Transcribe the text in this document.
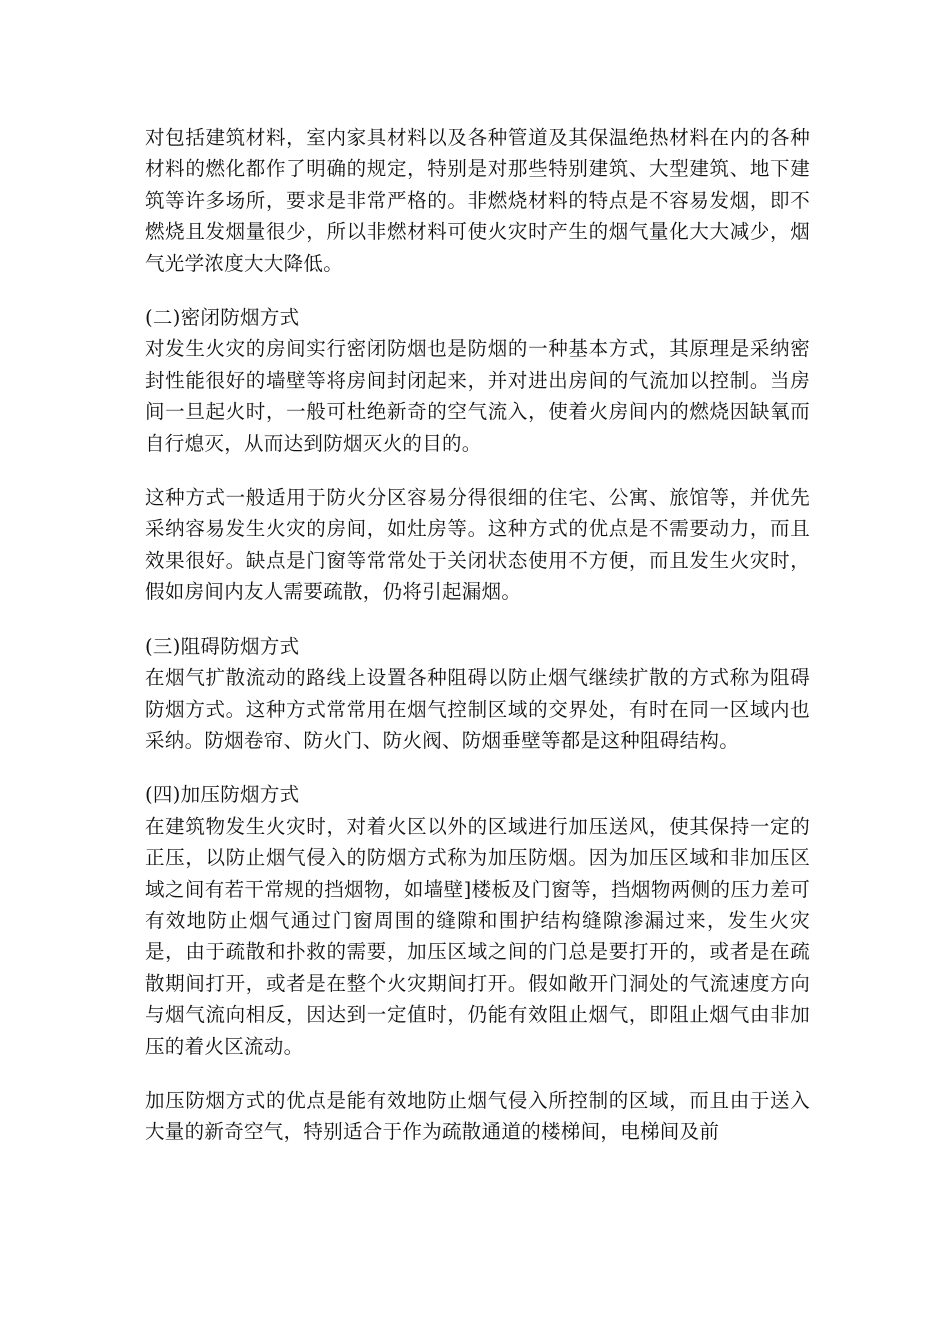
对包括建筑材料，室内家具材料以及各种管道及其保温绝热材料在内的各种材料的燃化都作了明确的规定，特别是对那些特别建筑、大型建筑、地下建筑等许多场所，要求是非常严格的。非燃烧材料的特点是不容易发烟，即不燃烧且发烟量很少，所以非燃材料可使火灾时产生的烟气量化大大减少，烟气光学浓度大大降低。

(二)密闭防烟方式

对发生火灾的房间实行密闭防烟也是防烟的一种基本方式，其原理是采纳密封性能很好的墙壁等将房间封闭起来，并对进出房间的气流加以控制。当房间一旦起火时，一般可杜绝新奇的空气流入，使着火房间内的燃烧因缺氧而自行熄灭，从而达到防烟灭火的目的。

这种方式一般适用于防火分区容易分得很细的住宅、公寓、旅馆等，并优先采纳容易发生火灾的房间，如灶房等。这种方式的优点是不需要动力，而且效果很好。缺点是门窗等常常处于关闭状态使用不方便，而且发生火灾时，假如房间内友人需要疏散，仍将引起漏烟。

(三)阻碍防烟方式

在烟气扩散流动的路线上设置各种阻碍以防止烟气继续扩散的方式称为阻碍防烟方式。这种方式常常用在烟气控制区域的交界处，有时在同一区域内也采纳。防烟卷帘、防火门、防火阀、防烟垂壁等都是这种阻碍结构。

(四)加压防烟方式

在建筑物发生火灾时，对着火区以外的区域进行加压送风，使其保持一定的正压，以防止烟气侵入的防烟方式称为加压防烟。因为加压区域和非加压区域之间有若干常规的挡烟物，如墙壁]楼板及门窗等，挡烟物两侧的压力差可有效地防止烟气通过门窗周围的缝隙和围护结构缝隙渗漏过来，发生火灾是，由于疏散和扑救的需要，加压区域之间的门总是要打开的，或者是在疏散期间打开，或者是在整个火灾期间打开。假如敞开门洞处的气流速度方向与烟气流向相反，因达到一定值时，仍能有效阻止烟气，即阻止烟气由非加压的着火区流动。

加压防烟方式的优点是能有效地防止烟气侵入所控制的区域，而且由于送入大量的新奇空气，特别适合于作为疏散通道的楼梯间，电梯间及前
